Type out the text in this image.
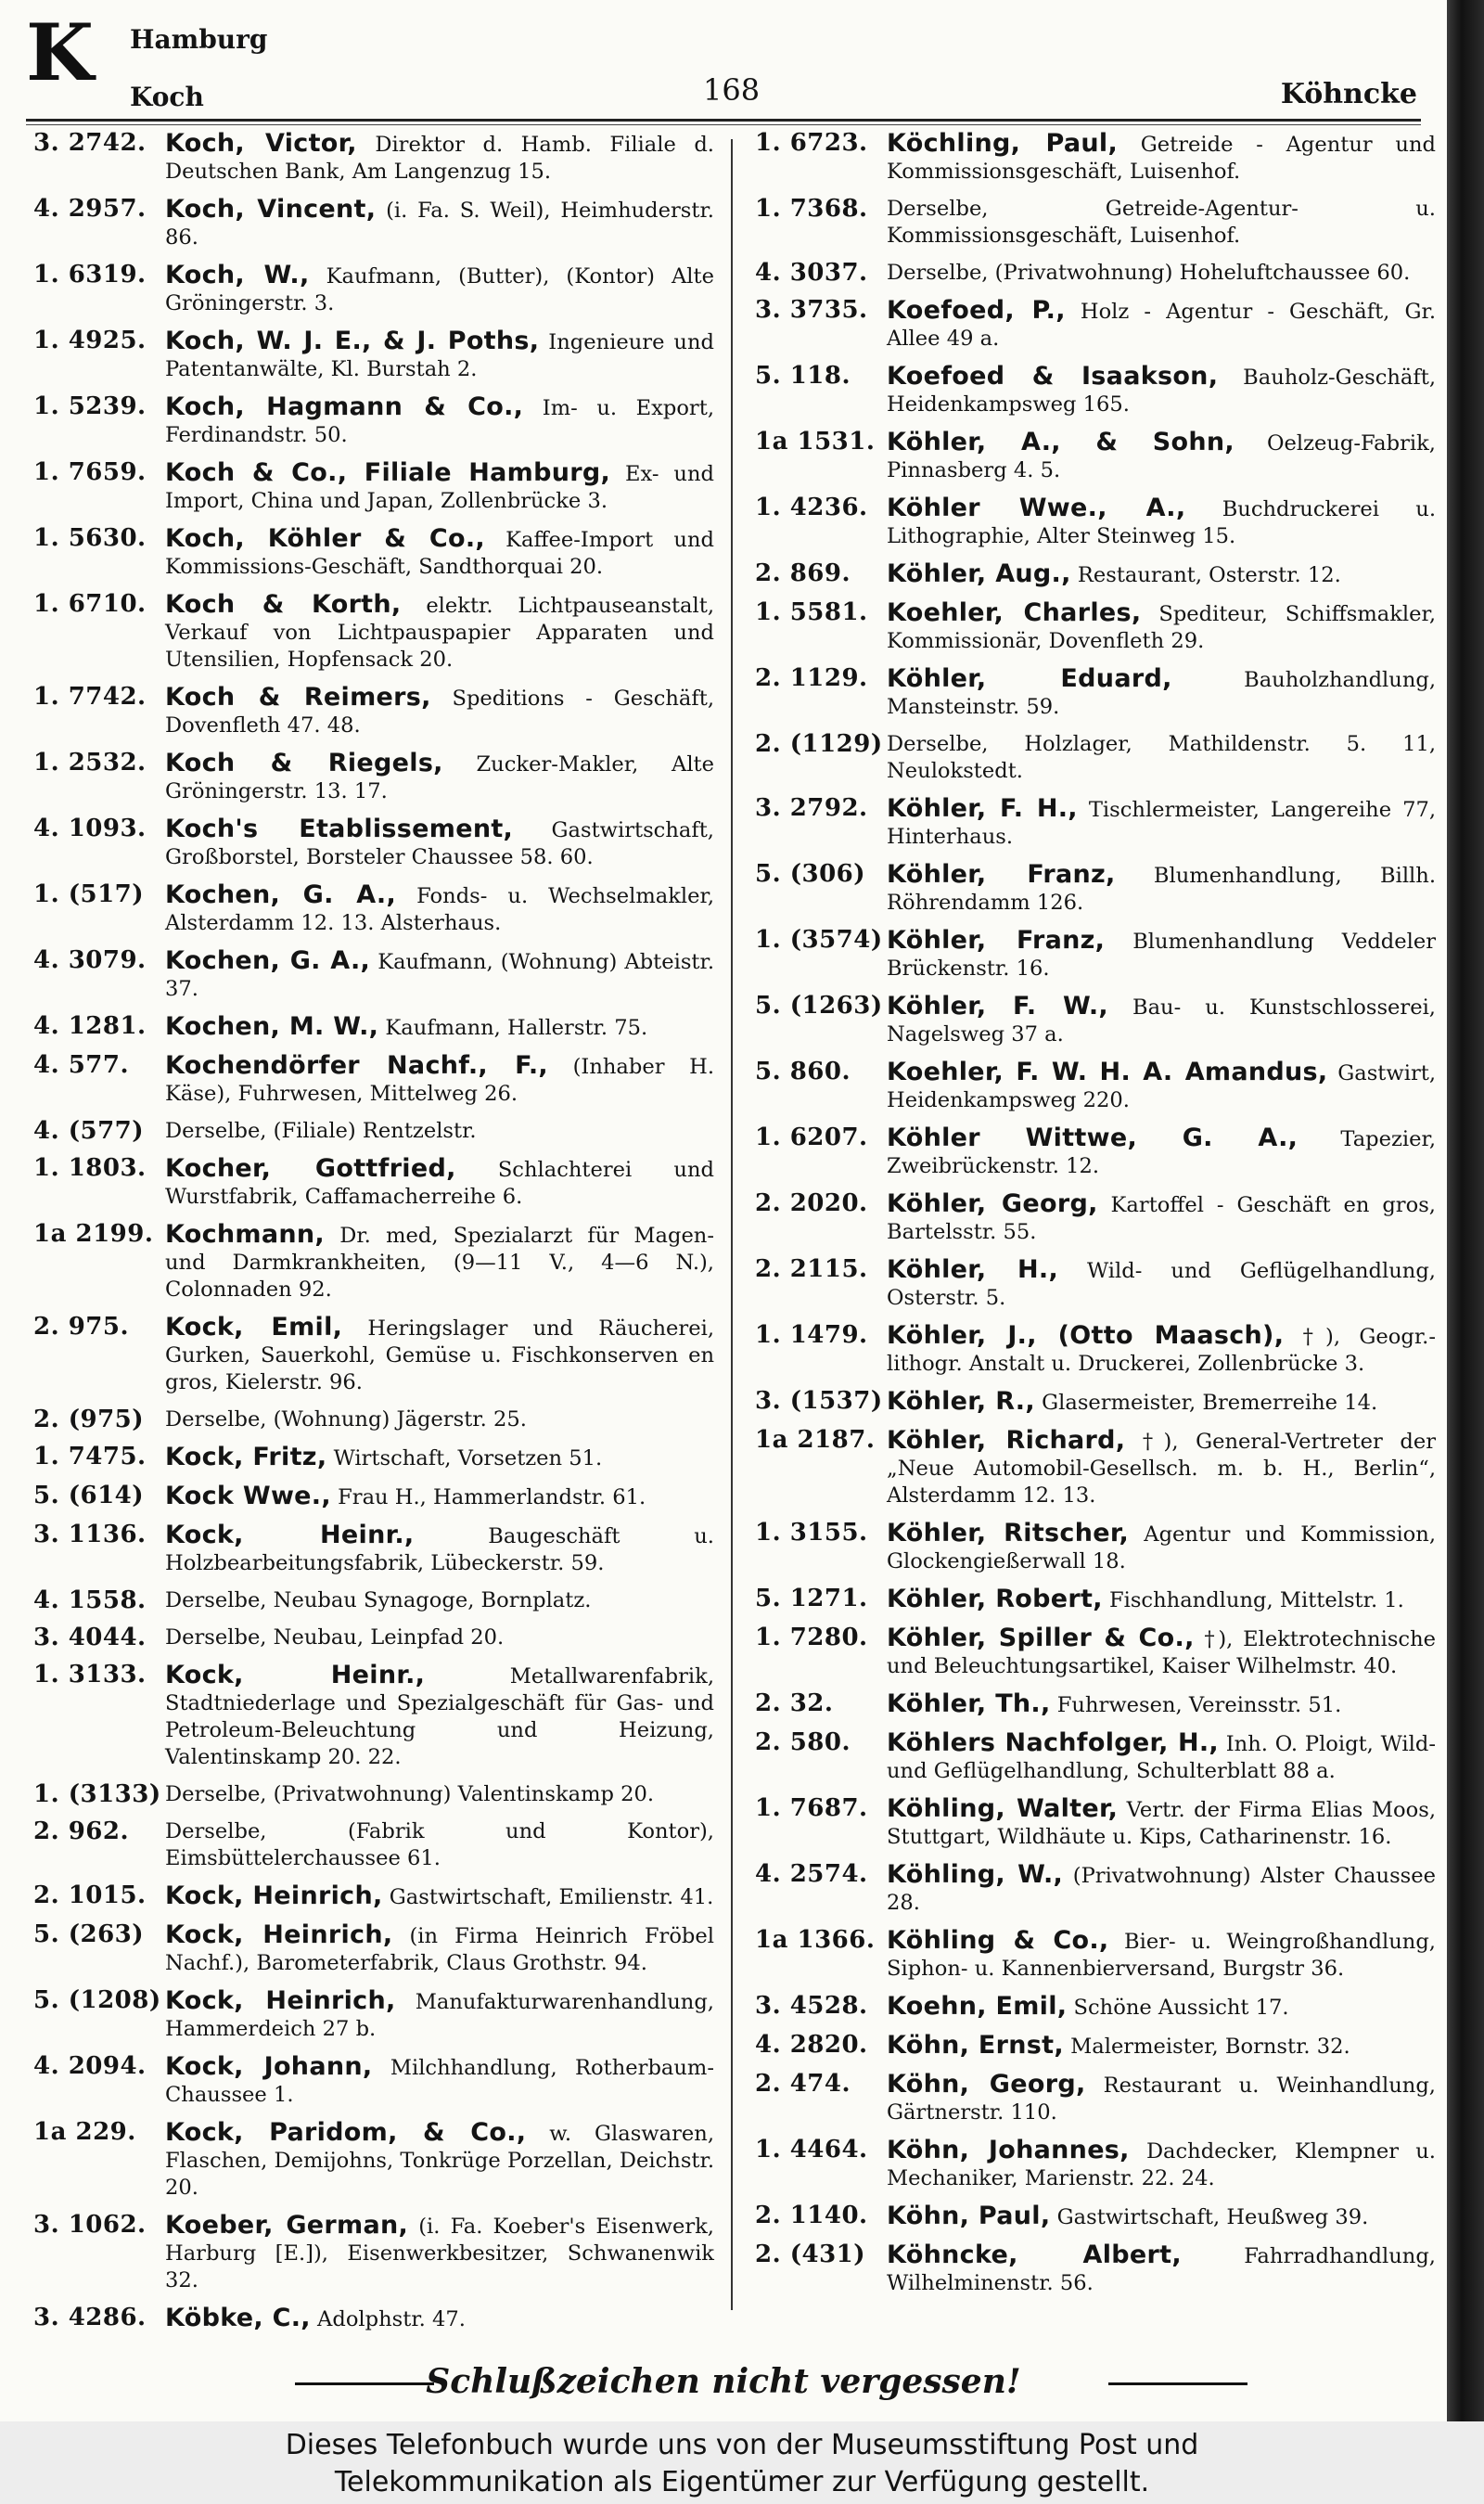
K	Hamburg
Koch	168	Köhncke
3. 2742. Koch, Victor, Direktor d. Hamb. Filiale d. Deutschen Bank, Am Langenzug 15.
4. 2957. Koch, Vincent, (i. Fa. S. Weil), Heimhuderstr. 86.
1. 6319. Koch, W., Kaufmann, (Butter), (Kontor) Alte Gröningerstr. 3.
1. 4925. Koch, W. J. E., & J. Poths, Ingenieure und Patentanwälte, Kl. Burstah 2.
1. 5239. Koch, Hagmann & Co., Im- u. Export, Ferdinandstr. 50.
1. 7659. Koch & Co., Filiale Hamburg, Ex- und Import, China und Japan, Zollenbrücke 3.
1. 5630. Koch, Köhler & Co., Kaffee-Import und Kommissions-Geschäft, Sandthorquai 20.
1. 6710. Koch & Korth, elektr. Lichtpauseanstalt, Verkauf von Lichtpauspapier Apparaten und Utensilien, Hopfensack 20.
1. 7742. Koch & Reimers, Speditions - Geschäft, Dovenfleth 47. 48.
1. 2532. Koch & Riegels, Zucker-Makler, Alte Gröningerstr. 13. 17.
4. 1093. Koch's Etablissement, Gastwirtschaft, Großborstel, Borsteler Chaussee 58. 60.
1. (517) Kochen, G. A., Fonds- u. Wechselmakler, Alsterdamm 12. 13. Alsterhaus.
4. 3079. Kochen, G. A., Kaufmann, (Wohnung) Abteistr. 37.
4. 1281. Kochen, M. W., Kaufmann, Hallerstr. 75.
4. 577. Kochendörfer Nachf., F., (Inhaber H. Käse), Fuhrwesen, Mittelweg 26.
4. (577) Derselbe, (Filiale) Rentzelstr.
1. 1803. Kocher, Gottfried, Schlachterei und Wurstfabrik, Caffamacherreihe 6.
1a 2199. Kochmann, Dr. med, Spezialarzt für Magen- und Darmkrankheiten, (9—11 V., 4—6 N.), Colonnaden 92.
2. 975. Kock, Emil, Heringslager und Räucherei, Gurken, Sauerkohl, Gemüse u. Fischkonserven en gros, Kielerstr. 96.
2. (975) Derselbe, (Wohnung) Jägerstr. 25.
1. 7475. Kock, Fritz, Wirtschaft, Vorsetzen 51.
5. (614) Kock Wwe., Frau H., Hammerlandstr. 61.
3. 1136. Kock, Heinr.,	Baugeschäft u. Holzbearbeitungsfabrik, Lübeckerstr. 59.
4. 1558. Derselbe, Neubau Synagoge, Bornplatz.
3. 4044. Derselbe, Neubau, Leinpfad 20.
1. 3133. Kock, Heinr.,	Metallwarenfabrik, Stadtniederlage und Spezialgeschäft für Gas- und Petroleum-Beleuchtung und Heizung, Valentinskamp 20. 22.
1. (3133) Derselbe, (Privatwohnung) Valentinskamp 20.
2. 962. Derselbe, (Fabrik und Kontor), Eimsbüttelerchaussee 61.
2. 1015. Kock, Heinrich, Gastwirtschaft, Emilienstr. 41.
5. (263) Kock, Heinrich, (in Firma Heinrich Fröbel Nachf.), Barometerfabrik, Claus Grothstr. 94.
5. (1208) Kock, Heinrich, Manufakturwarenhandlung, Hammerdeich 27 b.
4. 2094. Kock, Johann, Milchhandlung, Rotherbaum-Chaussee 1.
1a 229. Kock, Paridom, & Co., w. Glaswaren, Flaschen, Demijohns, Tonkrüge Porzellan, Deichstr. 20.
3. 1062. Koeber, German, (i. Fa. Koeber's Eisenwerk, Harburg [E.]), Eisenwerkbesitzer, Schwanenwik 32.
3. 4286. Köbke, C., Adolphstr. 47.
1. 6723. Köchling, Paul, Getreide - Agentur und Kommissionsgeschäft, Luisenhof.
1. 7368. Derselbe, Getreide-Agentur- u. Kommissionsgeschäft, Luisenhof.
4. 3037. Derselbe, (Privatwohnung) Hoheluftchaussee 60.
3. 3735. Koefoed, P., Holz - Agentur - Geschäft, Gr. Allee 49 a.
5. 118. Koefoed & Isaakson, Bauholz-Geschäft, Heidenkampsweg 165.
1a 1531. Köhler, A., & Sohn, Oelzeug-Fabrik, Pinnasberg 4. 5.
1. 4236. Köhler Wwe., A., Buchdruckerei u. Lithographie, Alter Steinweg 15.
2. 869. Köhler, Aug., Restaurant, Osterstr. 12.
1. 5581. Koehler, Charles, Spediteur, Schiffsmakler, Kommissionär, Dovenfleth 29.
2. 1129. Köhler, Eduard,	Bauholzhandlung, Mansteinstr. 59.
2. (1129) Derselbe, Holzlager, Mathildenstr. 5. 11, Neulokstedt.
3. 2792. Köhler, F. H., Tischlermeister, Langereihe 77, Hinterhaus.
5. (306) Köhler, Franz, Blumenhandlung, Billh. Röhrendamm 126.
1. (3574) Köhler, Franz, Blumenhandlung Veddeler Brückenstr. 16.
5. (1263) Köhler, F. W., Bau- u. Kunstschlosserei, Nagelsweg 37 a.
5. 860. Koehler, F. W. H. A. Amandus, Gastwirt, Heidenkampsweg 220.
1. 6207. Köhler Wittwe, G. A., Tapezier, Zweibrückenstr. 12.
2. 2020. Köhler, Georg, Kartoffel - Geschäft en gros, Bartelsstr. 55.
2. 2115. Köhler, H., Wild- und Geflügelhandlung, Osterstr. 5.
1. 1479. Köhler, J., (Otto Maasch), †), Geogr.-lithogr. Anstalt u. Druckerei, Zollenbrücke 3.
3. (1537) Köhler, R., Glasermeister, Bremerreihe 14.
1a 2187. Köhler, Richard, †), General-Vertreter der „Neue Automobil-Gesellsch. m. b. H., Berlin“, Alsterdamm 12. 13.
1. 3155. Köhler, Ritscher, Agentur und Kommission, Glockengießerwall 18.
5. 1271. Köhler, Robert, Fischhandlung, Mittelstr. 1.
1. 7280. Köhler, Spiller & Co., †), Elektrotechnische und Beleuchtungsartikel, Kaiser Wilhelmstr. 40.
2. 32. Köhler, Th., Fuhrwesen, Vereinsstr. 51.
2. 580. Köhlers Nachfolger, H., Inh. O. Ploigt, Wild- und Geflügelhandlung, Schulterblatt 88 a.
1. 7687. Köhling, Walter, Vertr. der Firma Elias Moos, Stuttgart, Wildhäute u. Kips, Catharinenstr. 16.
4. 2574. Köhling, W., (Privatwohnung) Alster Chaussee 28.
1a 1366. Köhling & Co., Bier- u. Weingroßhandlung, Siphon- u. Kannenbierversand, Burgstr 36.
3. 4528. Koehn, Emil, Schöne Aussicht 17.
4. 2820. Köhn, Ernst, Malermeister, Bornstr. 32.
2. 474. Köhn, Georg, Restaurant u. Weinhandlung, Gärtnerstr. 110.
1. 4464. Köhn, Johannes, Dachdecker, Klempner u. Mechaniker, Marienstr. 22. 24.
2. 1140. Köhn, Paul, Gastwirtschaft, Heußweg 39.
2. (431) Köhncke, Albert,	Fahrradhandlung, Wilhelminenstr. 56.
Schlußzeichen nicht vergessen!
Dieses Telefonbuch wurde uns von der Museumsstiftung Post und
Telekommunikation als Eigentümer zur Verfügung gestellt.
